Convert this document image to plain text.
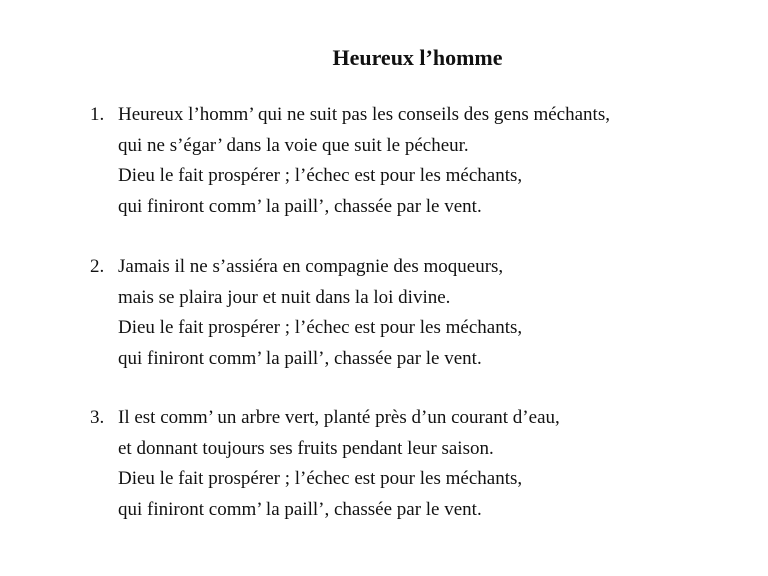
Heureux l’homme
1. Heureux l’homm’ qui ne suit pas les conseils des gens méchants,
qui ne s’égar’ dans la voie que suit le pécheur.
Dieu le fait prospérer ; l’échec est pour les méchants,
qui finiront comm’ la paill’, chassée par le vent.
2. Jamais il ne s’assiéra en compagnie des moqueurs,
mais se plaira jour et nuit dans la loi divine.
Dieu le fait prospérer ; l’échec est pour les méchants,
qui finiront comm’ la paill’, chassée par le vent.
3. Il est comm’ un arbre vert, planté près d’un courant d’eau,
et donnant toujours ses fruits pendant leur saison.
Dieu le fait prospérer ; l’échec est pour les méchants,
qui finiront comm’ la paill’, chassée par le vent.
